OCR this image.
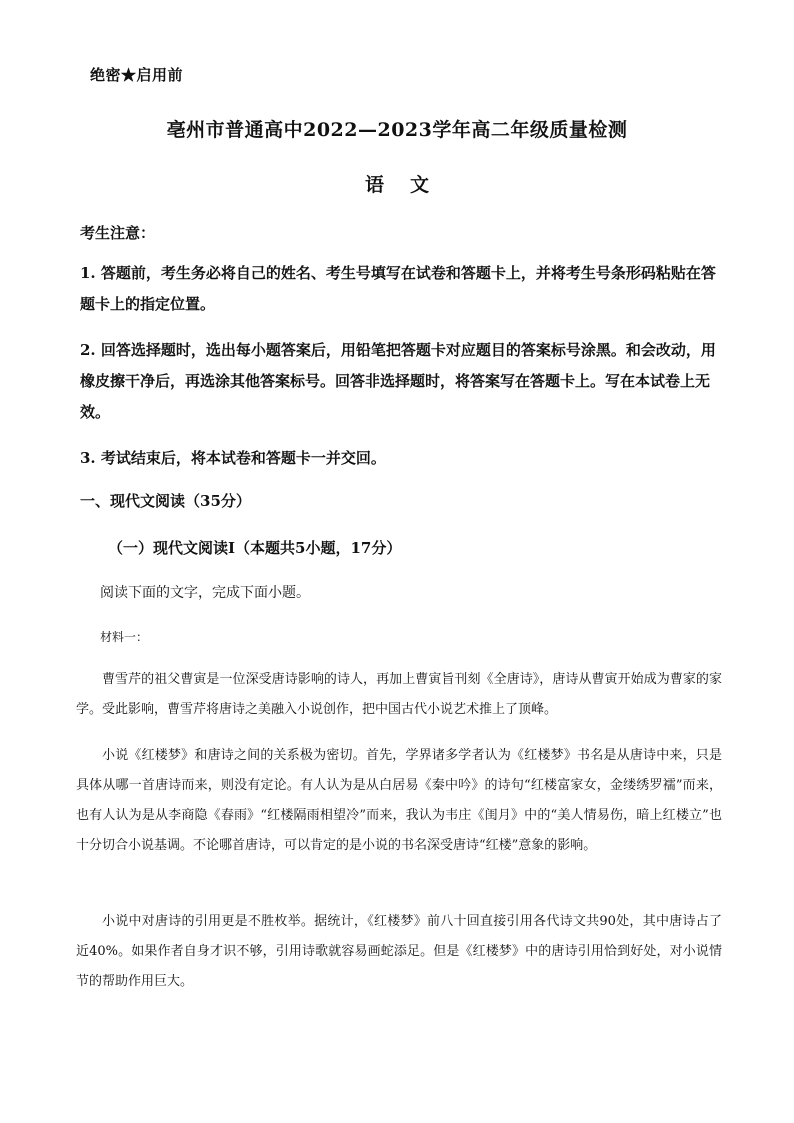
绝密★启用前
亳州市普通高中2022—2023学年高二年级质量检测
语文
考生注意：
1. 答题前，考生务必将自己的姓名、考生号填写在试卷和答题卡上，并将考生号条形码粘贴在答题卡上的指定位置。
2. 回答选择题时，选出每小题答案后，用铅笔把答题卡对应题目的答案标号涂黑。和会改动，用橡皮擦干净后，再选涂其他答案标号。回答非选择题时，将答案写在答题卡上。写在本试卷上无效。
3. 考试结束后，将本试卷和答题卡一并交回。
一、现代文阅读（35分）
（一）现代文阅读Ⅰ（本题共5小题，17分）
阅读下面的文字，完成下面小题。
材料一：

曹雪芹的祖父曹寅是一位深受唐诗影响的诗人，再加上曹寅旨刊刻《全唐诗》，唐诗从曹寅开始成为曹家的家学。受此影响，曹雪芹将唐诗之美融入小说创作，把中国古代小说艺术推上了顶峰。

小说《红楼梦》和唐诗之间的关系极为密切。首先，学界诸多学者认为《红楼梦》书名是从唐诗中来，只是具体从哪一首唐诗而来，则没有定论。有人认为是从白居易《秦中吟》的诗句“红楼富家女，金缕绣罗襦”而来，也有人认为是从李商隐《春雨》“红楼隔雨相望冷”而来，我认为韦庄《闺月》中的“美人情易伤，暗上红楼立”也十分切合小说基调。不论哪首唐诗，可以肯定的是小说的书名深受唐诗“红楼”意象的影响。

小说中对唐诗的引用更是不胜枚举。据统计，《红楼梦》前八十回直接引用各代诗文共90处，其中唐诗占了近40%。如果作者自身才识不够，引用诗歌就容易画蛇添足。但是《红楼梦》中的唐诗引用恰到好处，对小说情节的帮助作用巨大。
